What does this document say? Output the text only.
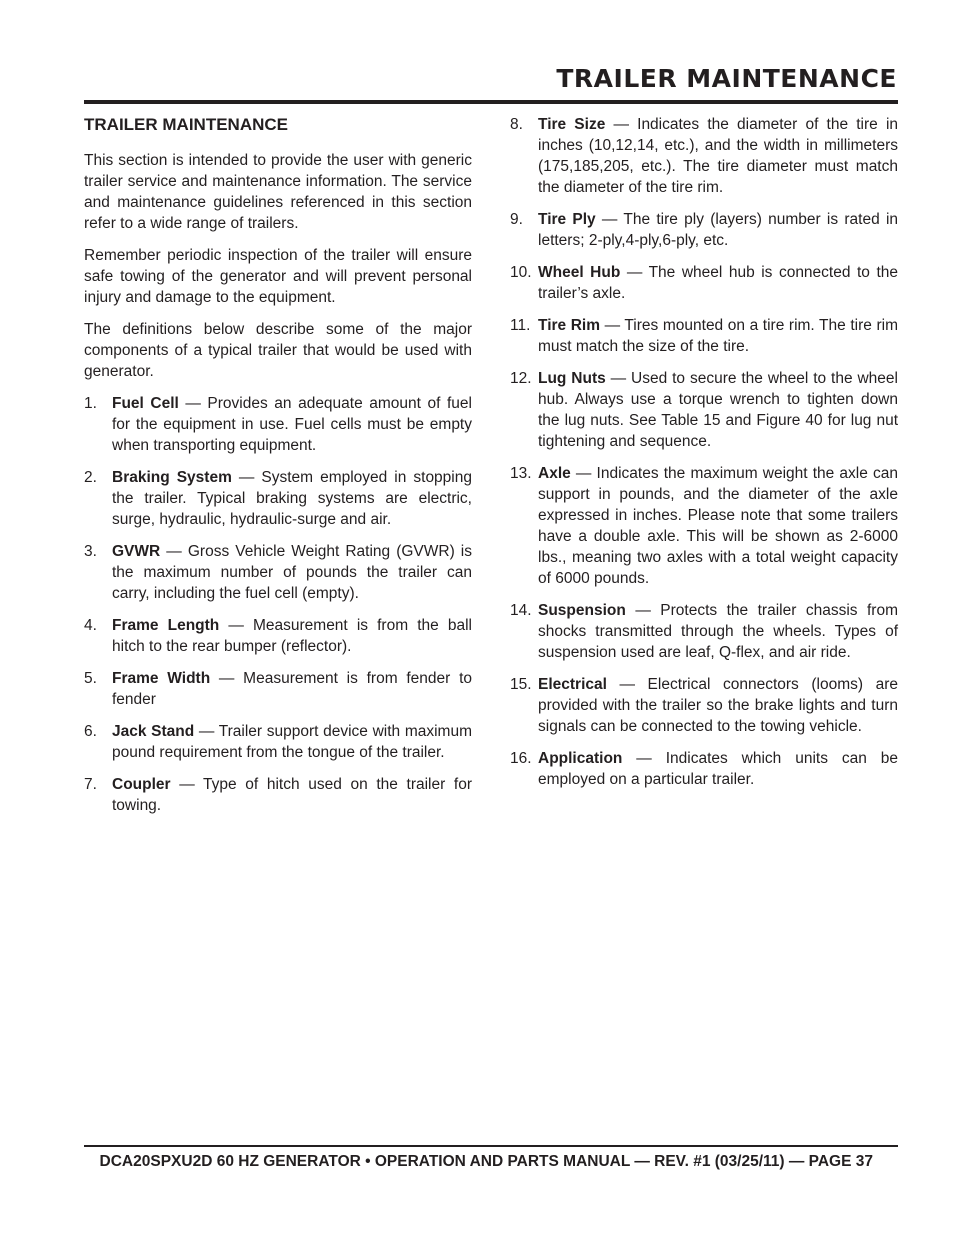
TRAILER MAINTENANCE
TRAILER MAINTENANCE

This section is intended to provide the user with generic trailer service and maintenance information. The service and maintenance guidelines referenced in this section refer to a wide range of trailers.

Remember periodic inspection of the trailer will ensure safe towing of the generator and will prevent personal injury and damage to the equipment.

The definitions below describe some of the major components of a typical trailer that would be used with generator.

1. Fuel Cell — Provides an adequate amount of fuel for the equipment in use. Fuel cells must be empty when transporting equipment.
2. Braking System — System employed in stopping the trailer. Typical braking systems are electric, surge, hydraulic, hydraulic-surge and air.
3. GVWR — Gross Vehicle Weight Rating (GVWR) is the maximum number of pounds the trailer can carry, including the fuel cell (empty).
4. Frame Length — Measurement is from the ball hitch to the rear bumper (reflector).
5. Frame Width — Measurement is from fender to fender
6. Jack Stand — Trailer support device with maximum pound requirement from the tongue of the trailer.
7. Coupler — Type of hitch used on the trailer for towing.
8. Tire Size — Indicates the diameter of the tire in inches (10,12,14, etc.), and the width in millimeters (175,185,205, etc.). The tire diameter must match the diameter of the tire rim.
9. Tire Ply — The tire ply (layers) number is rated in letters; 2-ply,4-ply,6-ply, etc.
10. Wheel Hub — The wheel hub is connected to the trailer’s axle.
11. Tire Rim — Tires mounted on a tire rim. The tire rim must match the size of the tire.
12. Lug Nuts — Used to secure the wheel to the wheel hub. Always use a torque wrench to tighten down the lug nuts. See Table 15 and Figure 40 for lug nut tightening and sequence.
13. Axle — Indicates the maximum weight the axle can support in pounds, and the diameter of the axle expressed in inches. Please note that some trailers have a double axle. This will be shown as 2-6000 lbs., meaning two axles with a total weight capacity of 6000 pounds.
14. Suspension — Protects the trailer chassis from shocks transmitted through the wheels. Types of suspension used are leaf, Q-flex, and air ride.
15. Electrical — Electrical connectors (looms) are provided with the trailer so the brake lights and turn signals can be connected to the towing vehicle.
16. Application — Indicates which units can be employed on a particular trailer.
DCA20SPXU2D 60 HZ GENERATOR • OPERATION AND PARTS MANUAL — REV. #1 (03/25/11) — PAGE 37
